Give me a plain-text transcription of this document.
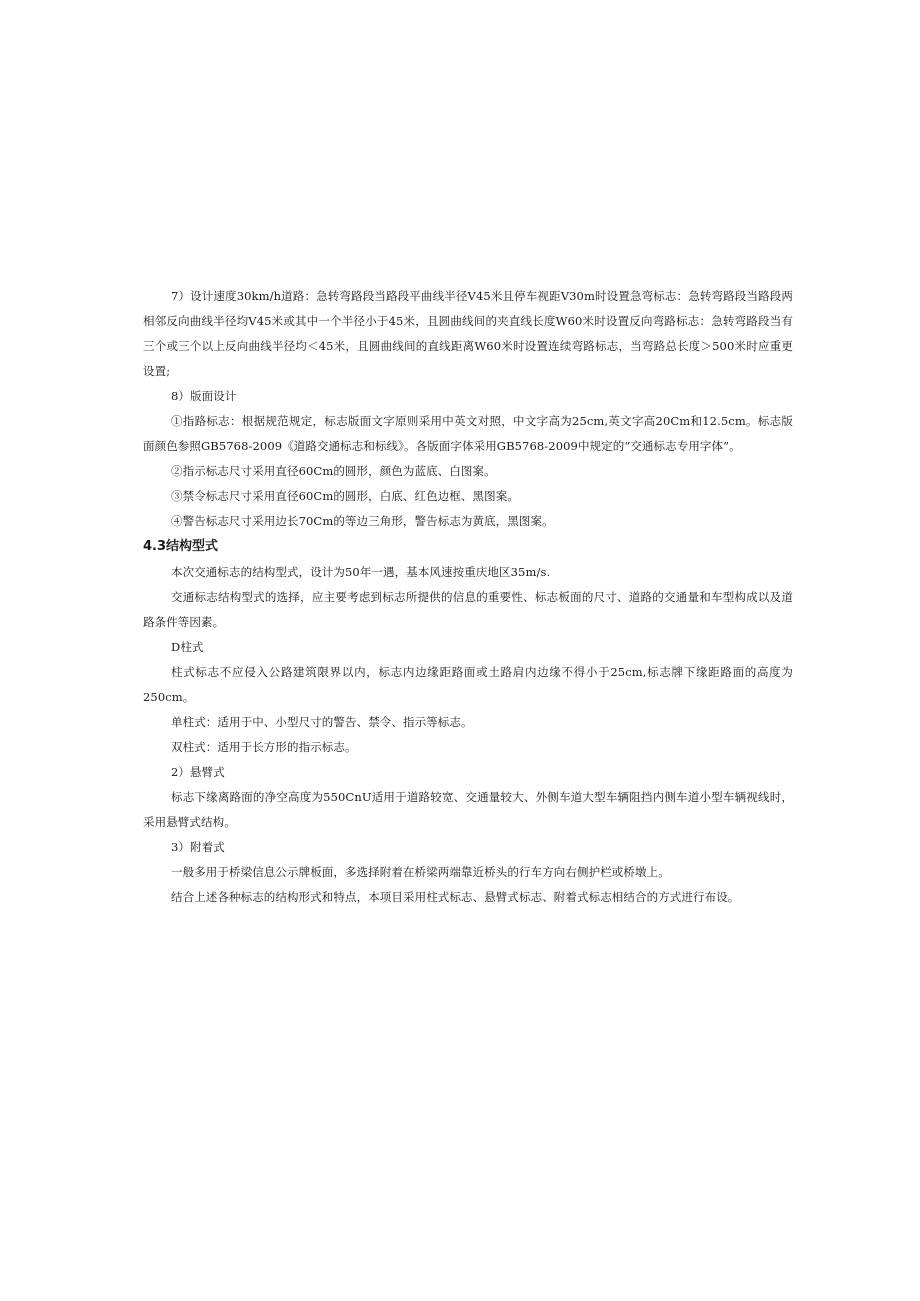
7）设计速度30km/h道路：急转弯路段当路段平曲线半径V45米且停车视距V30m时设置急弯标志：急转弯路段当路段两相邻反向曲线半径均V45米或其中一个半径小于45米，且圆曲线间的夹直线长度W60米时设置反向弯路标志：急转弯路段当有三个或三个以上反向曲线半径均＜45米，且圆曲线间的直线距离W60米时设置连续弯路标志，当弯路总长度＞500米时应重更设置;

8）版面设计

①指路标志：根据规范规定，标志版面文字原则采用中英文对照，中文字高为25cm,英文字高20Cm和12.5cm。标志版面颜色参照GB5768-2009《道路交通标志和标线》。各版面字体采用GB5768-2009中规定的“交通标志专用字体”。

②指示标志尺寸采用直径60Cm的圆形，颜色为蓝底、白图案。

③禁令标志尺寸采用直径60Cm的圆形，白底、红色边框、黑图案。

④警告标志尺寸采用边长70Cm的等边三角形，警告标志为黄底，黑图案。

4.3结构型式

本次交通标志的结构型式，设计为50年一遇，基本风速按重庆地区35m/s.

交通标志结构型式的选择，应主要考虑到标志所提供的信息的重要性、标志板面的尺寸、道路的交通量和车型构成以及道路条件等因素。

D柱式

柱式标志不应侵入公路建筑限界以内，标志内边缘距路面或土路肩内边缘不得小于25cm,标志牌下缘距路面的高度为250cm。

单柱式：适用于中、小型尺寸的警告、禁令、指示等标志。

双柱式：适用于长方形的指示标志。

2）悬臂式

标志下缘离路面的净空高度为550CnU适用于道路较宽、交通量较大、外侧车道大型车辆阻挡内侧车道小型车辆视线时，采用悬臂式结构。

3）附着式

一般多用于桥梁信息公示牌板面，多选择附着在桥梁两端靠近桥头的行车方向右侧护栏或桥墩上。

结合上述各种标志的结构形式和特点，本项目采用柱式标志、悬臂式标志、附着式标志相结合的方式进行布设。
